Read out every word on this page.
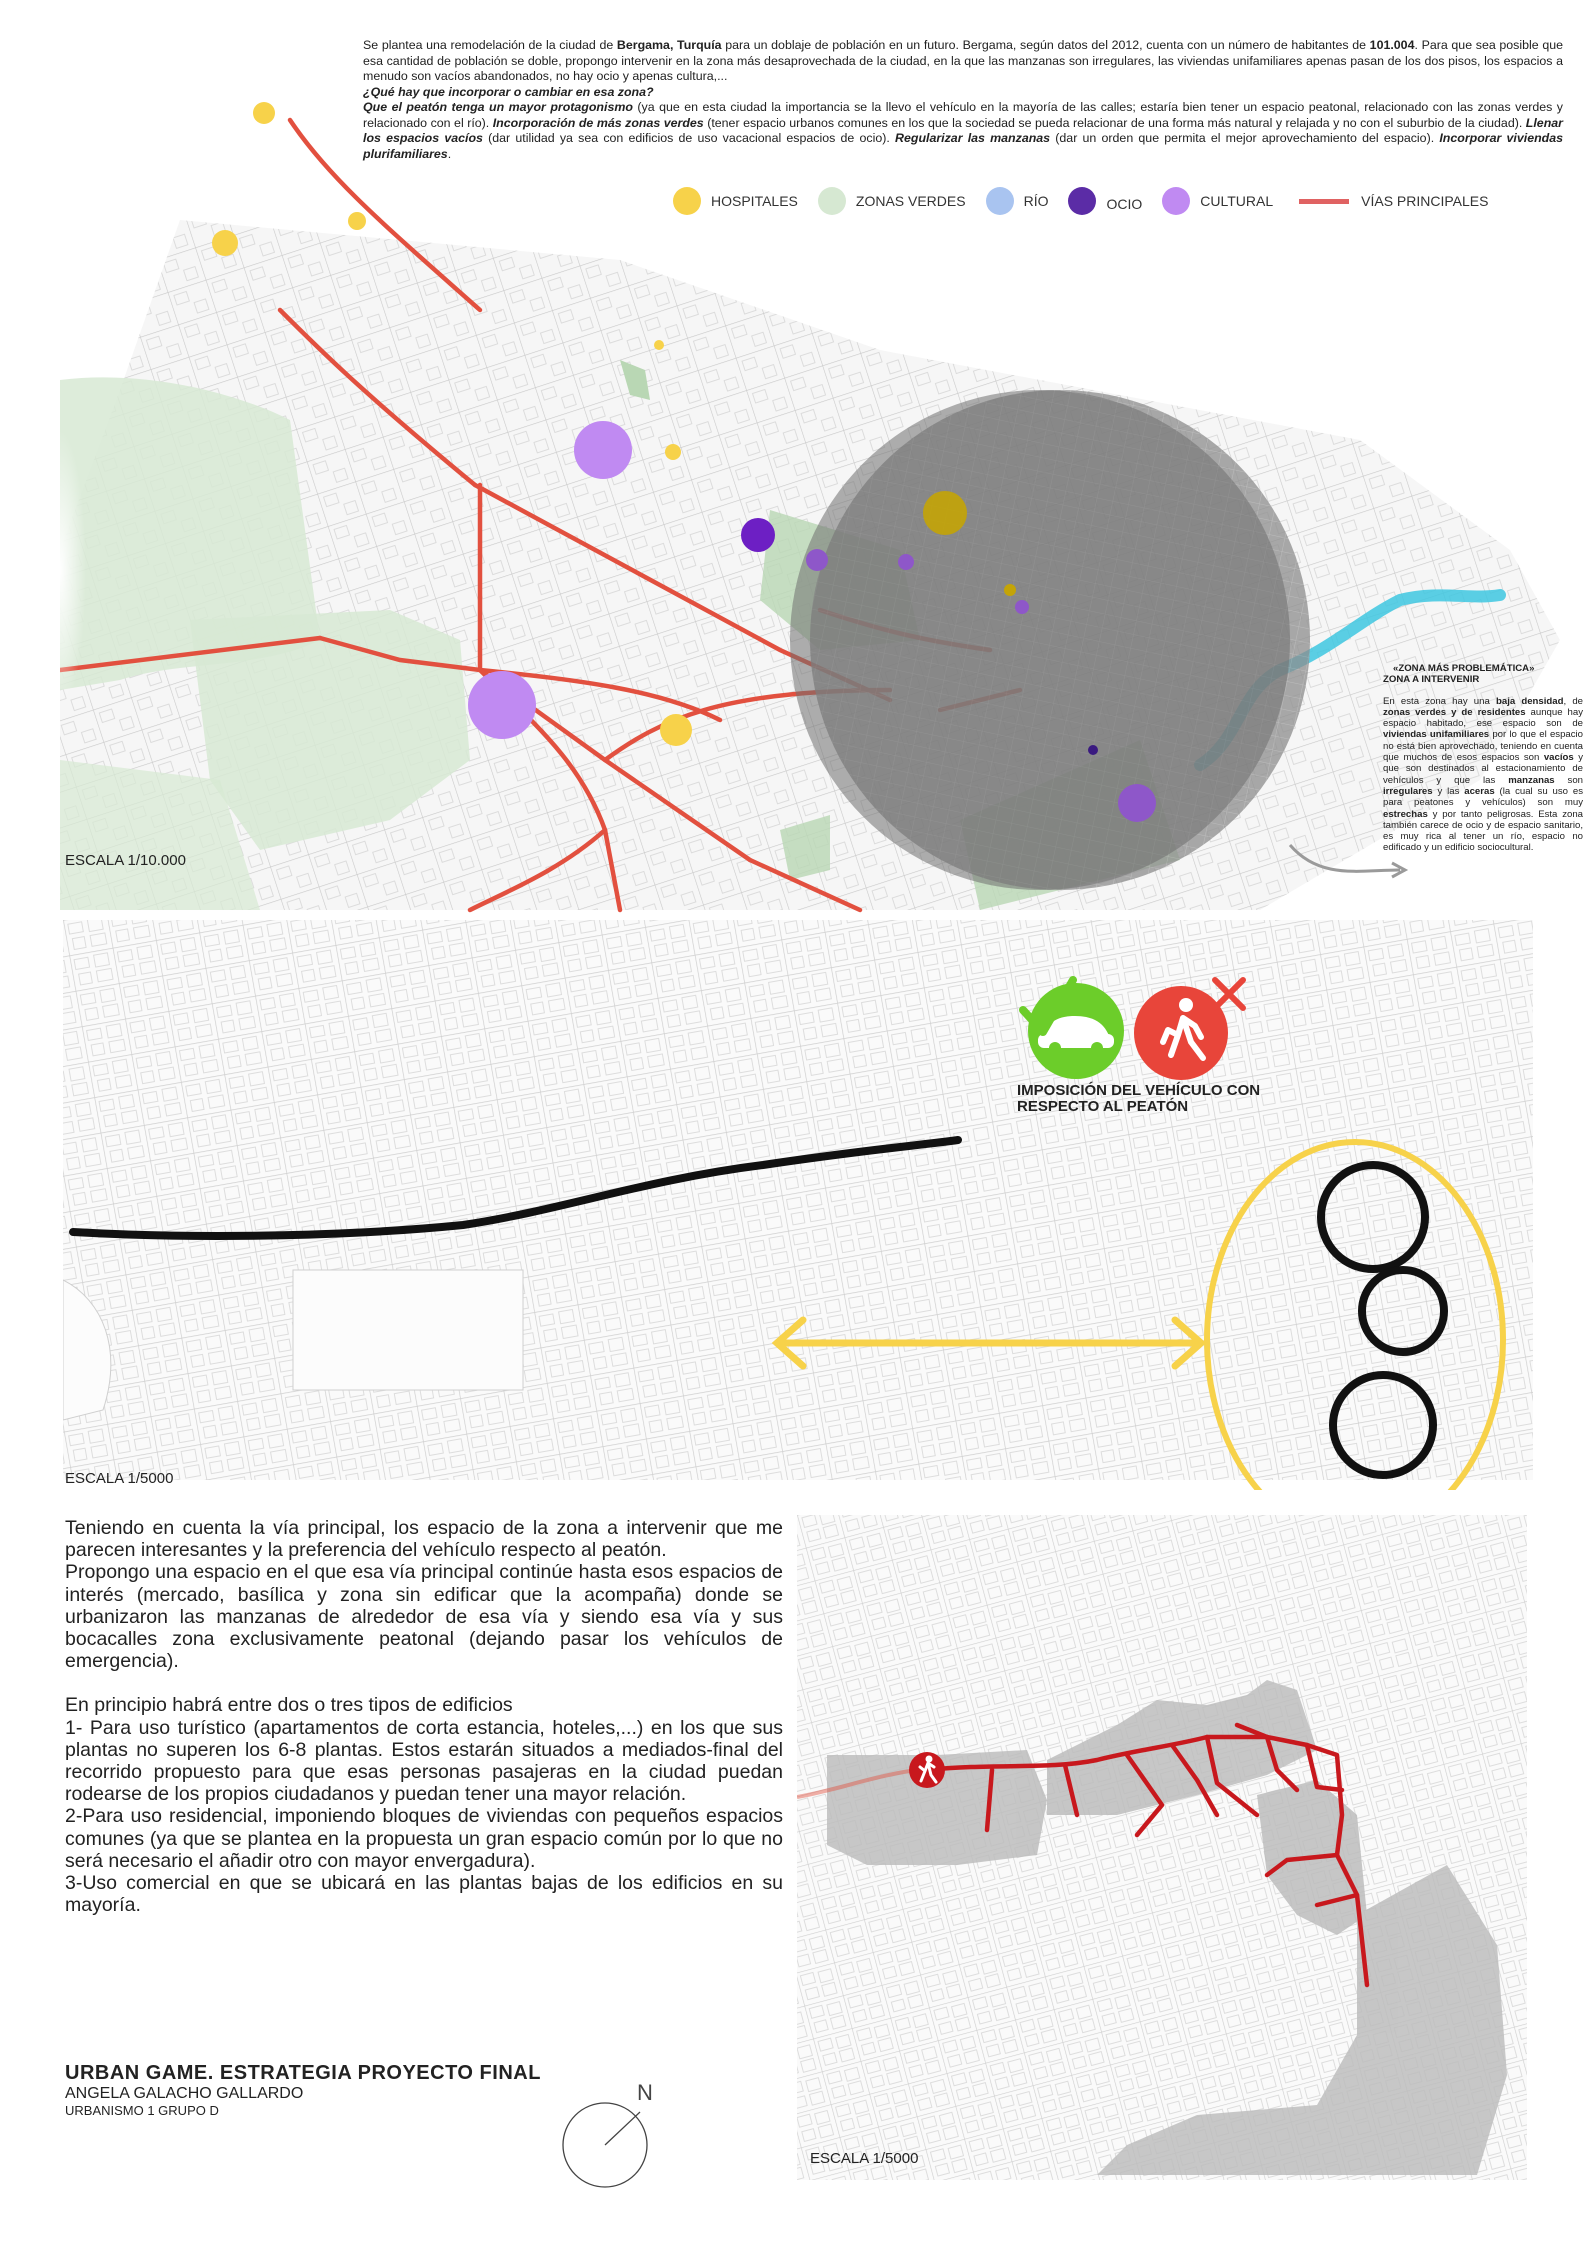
Se plantea una remodelación de la ciudad de Bergama, Turquía para un doblaje de población en un futuro. Bergama, según datos del 2012, cuenta con un número de habitantes de 101.004. Para que sea posible que esa cantidad de población se doble, propongo intervenir en la zona más desaprovechada de la ciudad, en la que las manzanas son irregulares, las viviendas unifamiliares apenas pasan de los dos pisos, los espacios a menudo son vacíos abandonados, no hay ocio y apenas cultura,...
¿Qué hay que incorporar o cambiar en esa zona?
Que el peatón tenga un mayor protagonismo (ya que en esta ciudad la importancia se la llevo el vehículo en la mayoría de las calles; estaría bien tener un espacio peatonal, relacionado con las zonas verdes y relacionado con el río). Incorporación de más zonas verdes (tener espacio urbanos comunes en los que la sociedad se pueda relacionar de una forma más natural y relajada y no con el suburbio de la ciudad). Llenar los espacios vacíos (dar utilidad ya sea con edificios de uso vacacional espacios de ocio). Regularizar las manzanas (dar un orden que permita el mejor aprovechamiento del espacio). Incorporar viviendas plurifamiliares.
HOSPITALES	ZONAS VERDES	RÍO	OCIO	CULTURAL	VÍAS PRINCIPALES
ESCALA 1/10.000
«ZONA MÁS PROBLEMÁTICA»
ZONA A INTERVENIR
En esta zona hay una baja densidad, de zonas verdes y de residentes aunque hay espacio habitado, ese espacio son de viviendas unifamiliares por lo que el espacio no está bien aprovechado, teniendo en cuenta que muchos de esos espacios son vacíos y que son destinados al estacionamiento de vehículos y que las manzanas son irregulares y las aceras (la cual su uso es para peatones y vehículos) son muy estrechas y por tanto peligrosas. Esta zona también carece de ocio y de espacio sanitario, es muy rica al tener un río, espacio no edificado y un edificio sociocultural.
IMPOSICIÓN DEL VEHÍCULO CON
RESPECTO AL PEATÓN
ESCALA 1/5000

Teniendo en cuenta la vía principal, los espacio de la zona a intervenir que me parecen interesantes y la preferencia del vehículo respecto al peatón.

Propongo una espacio en el que esa vía principal continúe hasta esos espacios de interés (mercado, basílica y zona sin edificar que la acompaña) donde se urbanizaron las manzanas de alrededor de esa vía y siendo esa vía y sus bocacalles zona exclusivamente peatonal (dejando pasar los vehículos de emergencia).

En principio habrá entre dos o tres tipos de edificios

1- Para uso turístico (apartamentos de corta estancia, hoteles,...) en los que sus plantas no superen los 6-8 plantas. Estos estarán situados a mediados-final del recorrido propuesto para que esas personas pasajeras en la ciudad puedan rodearse de los propios ciudadanos y puedan tener una mayor relación.

2-Para uso residencial, imponiendo bloques de viviendas con pequeños espacios comunes (ya que se plantea en la propuesta un gran espacio común por lo que no será necesario el añadir otro con mayor envergadura).

3-Uso comercial en que se ubicará en las plantas bajas de los edificios en su mayoría.

ESCALA 1/5000
URBAN GAME. ESTRATEGIA PROYECTO FINAL
ANGELA GALACHO GALLARDO
URBANISMO 1 GRUPO D
N
